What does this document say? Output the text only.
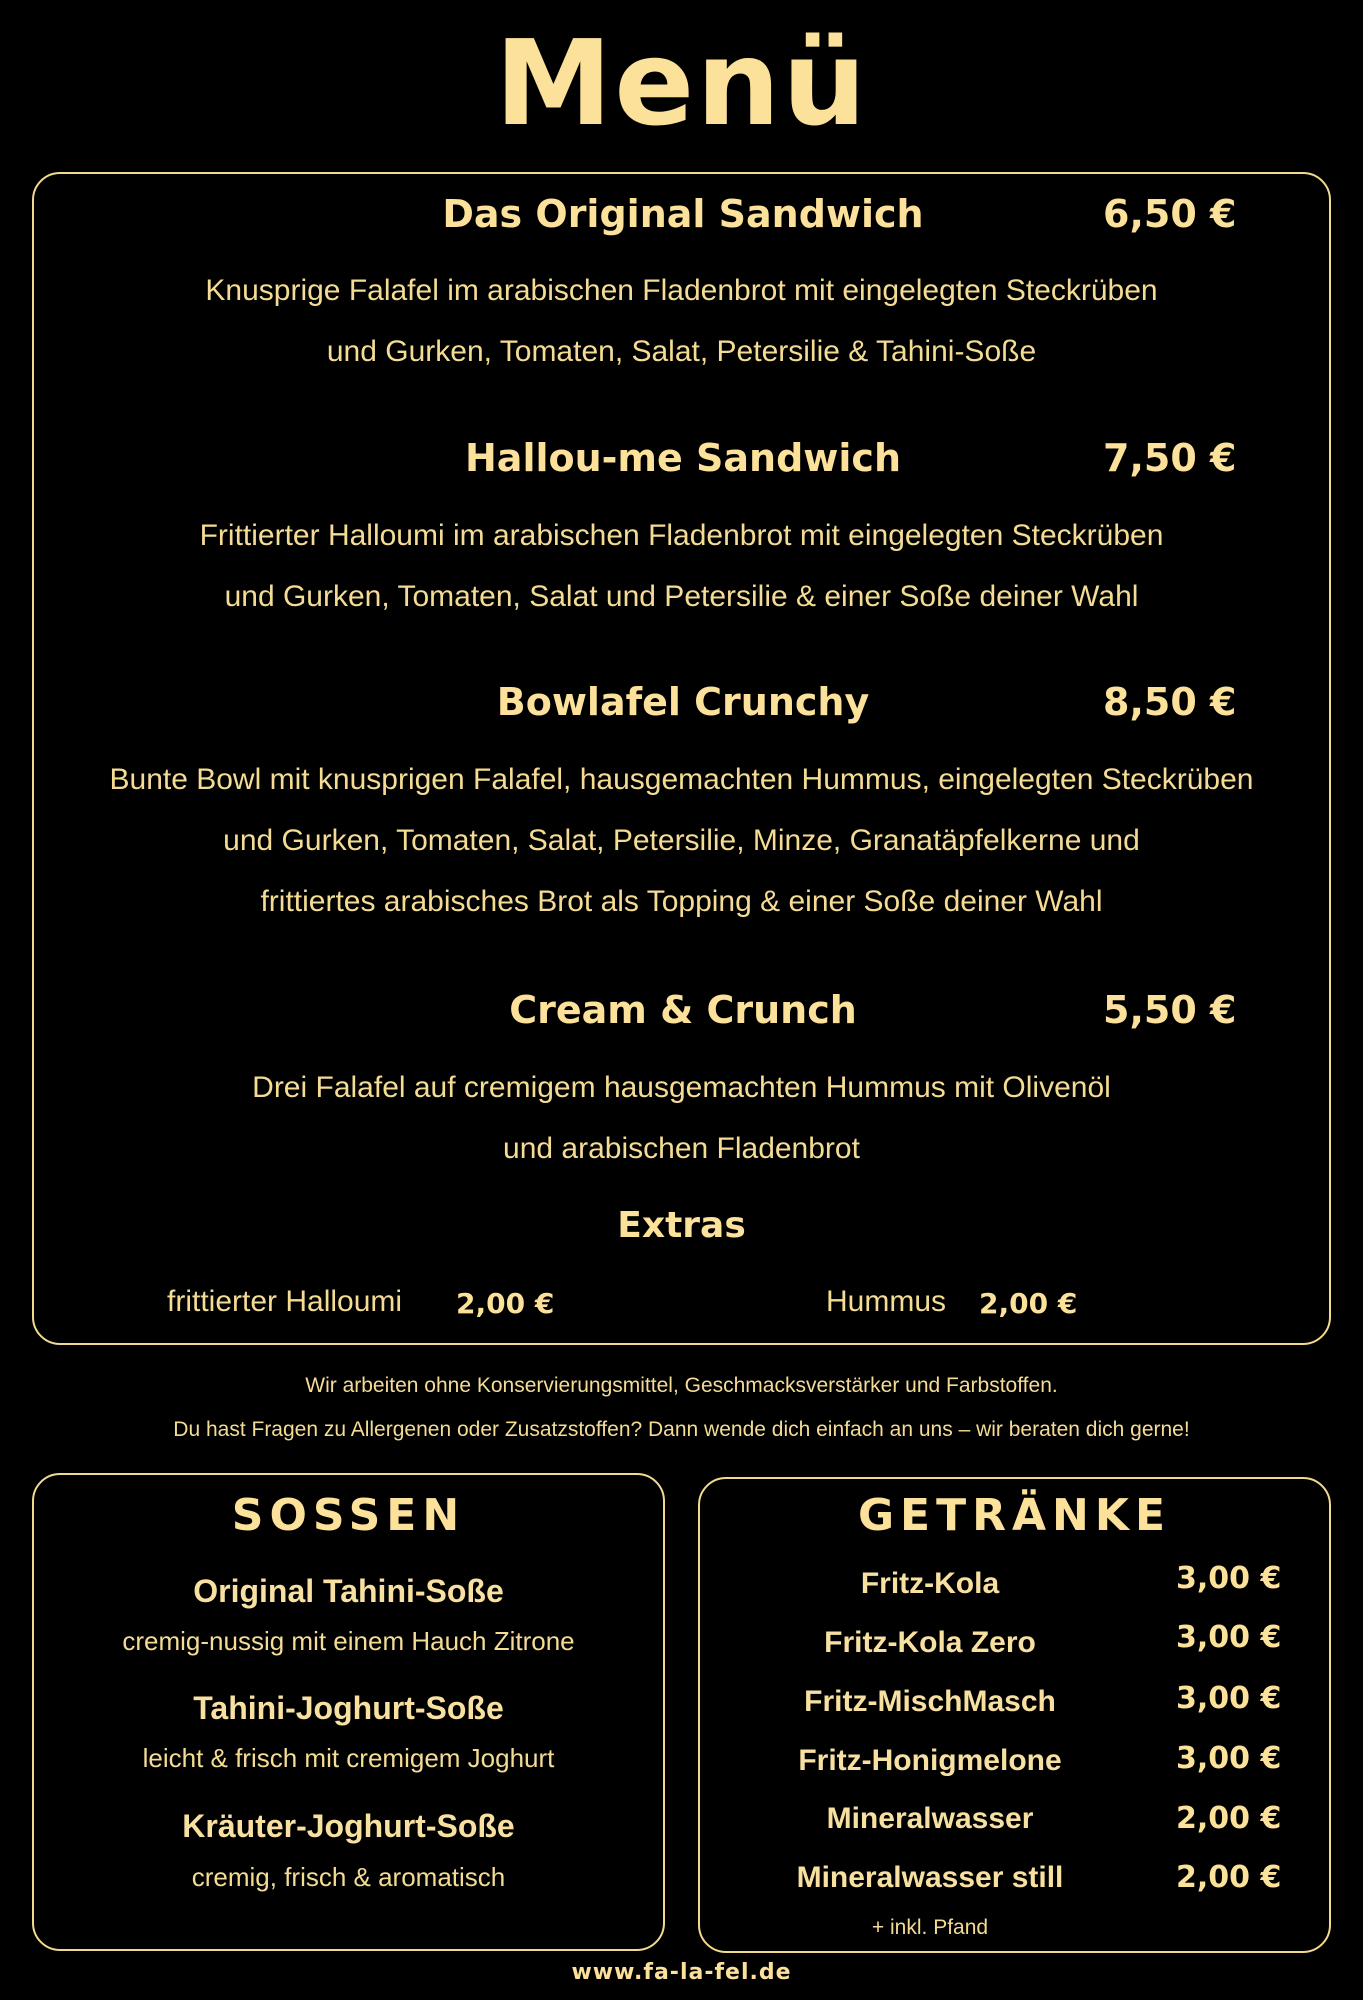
Menü
Das Original Sandwich	6,50 €
Knusprige Falafel im arabischen Fladenbrot mit eingelegten Steckrüben
und Gurken, Tomaten, Salat, Petersilie & Tahini-Soße
Hallou-me Sandwich	7,50 €
Frittierter Halloumi im arabischen Fladenbrot mit eingelegten Steckrüben
und Gurken, Tomaten, Salat und Petersilie & einer Soße deiner Wahl
Bowlafel Crunchy	8,50 €
Bunte Bowl mit knusprigen Falafel, hausgemachten Hummus, eingelegten Steckrüben
und Gurken, Tomaten, Salat, Petersilie, Minze, Granatäpfelkerne und
frittiertes arabisches Brot als Topping & einer Soße deiner Wahl
Cream & Crunch	5,50 €
Drei Falafel auf cremigem hausgemachten Hummus mit Olivenöl
und arabischen Fladenbrot
Extras
frittierter Halloumi 2,00 €	Hummus 2,00 €
Wir arbeiten ohne Konservierungsmittel, Geschmacksverstärker und Farbstoffen.
Du hast Fragen zu Allergenen oder Zusatzstoffen? Dann wende dich einfach an uns – wir beraten dich gerne!
SOSSEN
Original Tahini-Soße
cremig-nussig mit einem Hauch Zitrone
Tahini-Joghurt-Soße
leicht & frisch mit cremigem Joghurt
Kräuter-Joghurt-Soße
cremig, frisch & aromatisch
GETRÄNKE
Fritz-Kola	3,00 €
Fritz-Kola Zero	3,00 €
Fritz-MischMasch	3,00 €
Fritz-Honigmelone	3,00 €
Mineralwasser	2,00 €
Mineralwasser still	2,00 €
+ inkl. Pfand
www.fa-la-fel.de
